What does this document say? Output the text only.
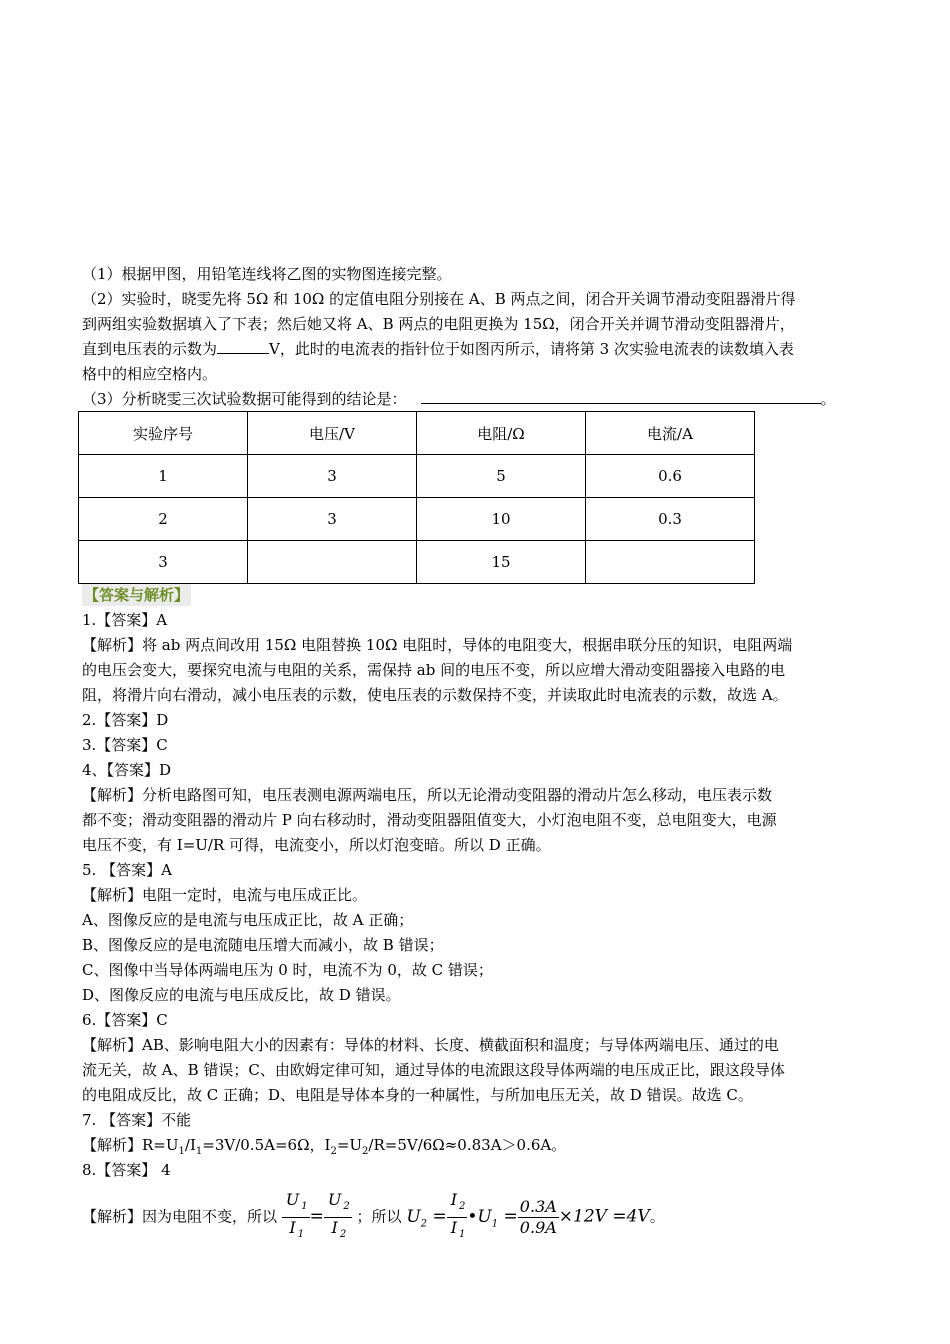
（1）根据甲图，用铅笔连线将乙图的实物图连接完整。
（2）实验时，晓雯先将 5Ω 和 10Ω 的定值电阻分别接在 A、B 两点之间，闭合开关调节滑动变阻器滑片得
到两组实验数据填入了下表；然后她又将 A、B 两点的电阻更换为 15Ω，闭合开关并调节滑动变阻器滑片，
直到电压表的示数为	V，此时的电流表的指针位于如图丙所示，请将第 3 次实验电流表的读数填入表
格中的相应空格内。
（3）分析晓雯三次试验数据可能得到的结论是：	。
实验序号	电压/V	电阻/Ω	电流/A
1	3	5	0.6
2	3	10	0.3
3		15	
【答案与解析】
1.【答案】A
【解析】将 ab 两点间改用 15Ω 电阻替换 10Ω 电阻时，导体的电阻变大，根据串联分压的知识，电阻两端
的电压会变大，要探究电流与电阻的关系，需保持 ab 间的电压不变，所以应增大滑动变阻器接入电路的电
阻，将滑片向右滑动，减小电压表的示数，使电压表的示数保持不变，并读取此时电流表的示数，故选 A。
2.【答案】D
3.【答案】C
4、【答案】D
【解析】分析电路图可知，电压表测电源两端电压，所以无论滑动变阻器的滑动片怎么移动，电压表示数
都不变；滑动变阻器的滑动片 P 向右移动时，滑动变阻器阻值变大，小灯泡电阻不变，总电阻变大，电源
电压不变，有 I=U/R 可得，电流变小，所以灯泡变暗。所以 D 正确。
5. 【答案】A
【解析】电阻一定时，电流与电压成正比。
A、图像反应的是电流与电压成正比，故 A 正确；
B、图像反应的是电流随电压增大而减小，故 B 错误；
C、图像中当导体两端电压为 0 时，电流不为 0，故 C 错误；
D、图像反应的电流与电压成反比，故 D 错误。
6.【答案】C
【解析】AB、影响电阻大小的因素有：导体的材料、长度、横截面积和温度；与导体两端电压、通过的电
流无关，故 A、B 错误；C、由欧姆定律可知，通过导体的电流跟这段导体两端的电压成正比，跟这段导体
的电阻成反比，故 C 正确；D、电阻是导体本身的一种属性，与所加电压无关，故 D 错误。故选 C。
7. 【答案】不能
【解析】$R=U_1/I_1=3V/0.5A=6\Omega$，$I_2=U_2/R=5V/6\Omega\approx 0.83A>0.6A$。
8.【答案】 4
【解析】因为电阻不变，所以 $\frac{U _1}{I _1} = \frac{U _2}{I _2}$ ；所以 $U_2 = \frac{I _2}{I _1}$ $•U_1 = \frac{0.3A}{0.9A} \times 12V =4V$。
